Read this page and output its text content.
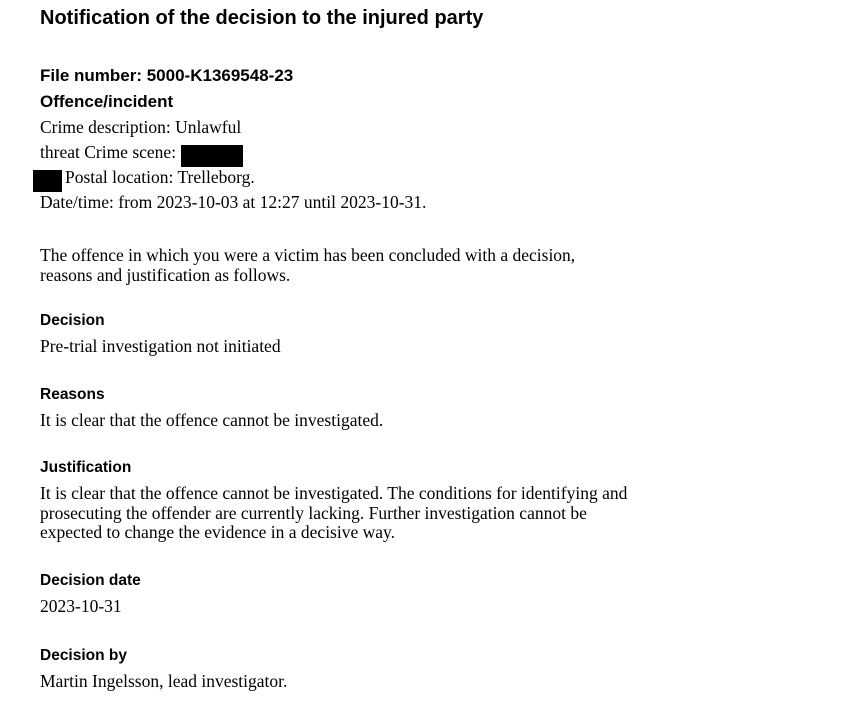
Notification of the decision to the injured party
File number: 5000-K1369548-23
Offence/incident
Crime description: Unlawful
threat Crime scene:
Postal location: Trelleborg.
Date/time: from 2023-10-03 at 12:27 until 2023-10-31.
The offence in which you were a victim has been concluded with a decision,
reasons and justification as follows.
Decision
Pre-trial investigation not initiated
Reasons
It is clear that the offence cannot be investigated.
Justification
It is clear that the offence cannot be investigated. The conditions for identifying and
prosecuting the offender are currently lacking. Further investigation cannot be
expected to change the evidence in a decisive way.
Decision date
2023-10-31
Decision by
Martin Ingelsson, lead investigator.
